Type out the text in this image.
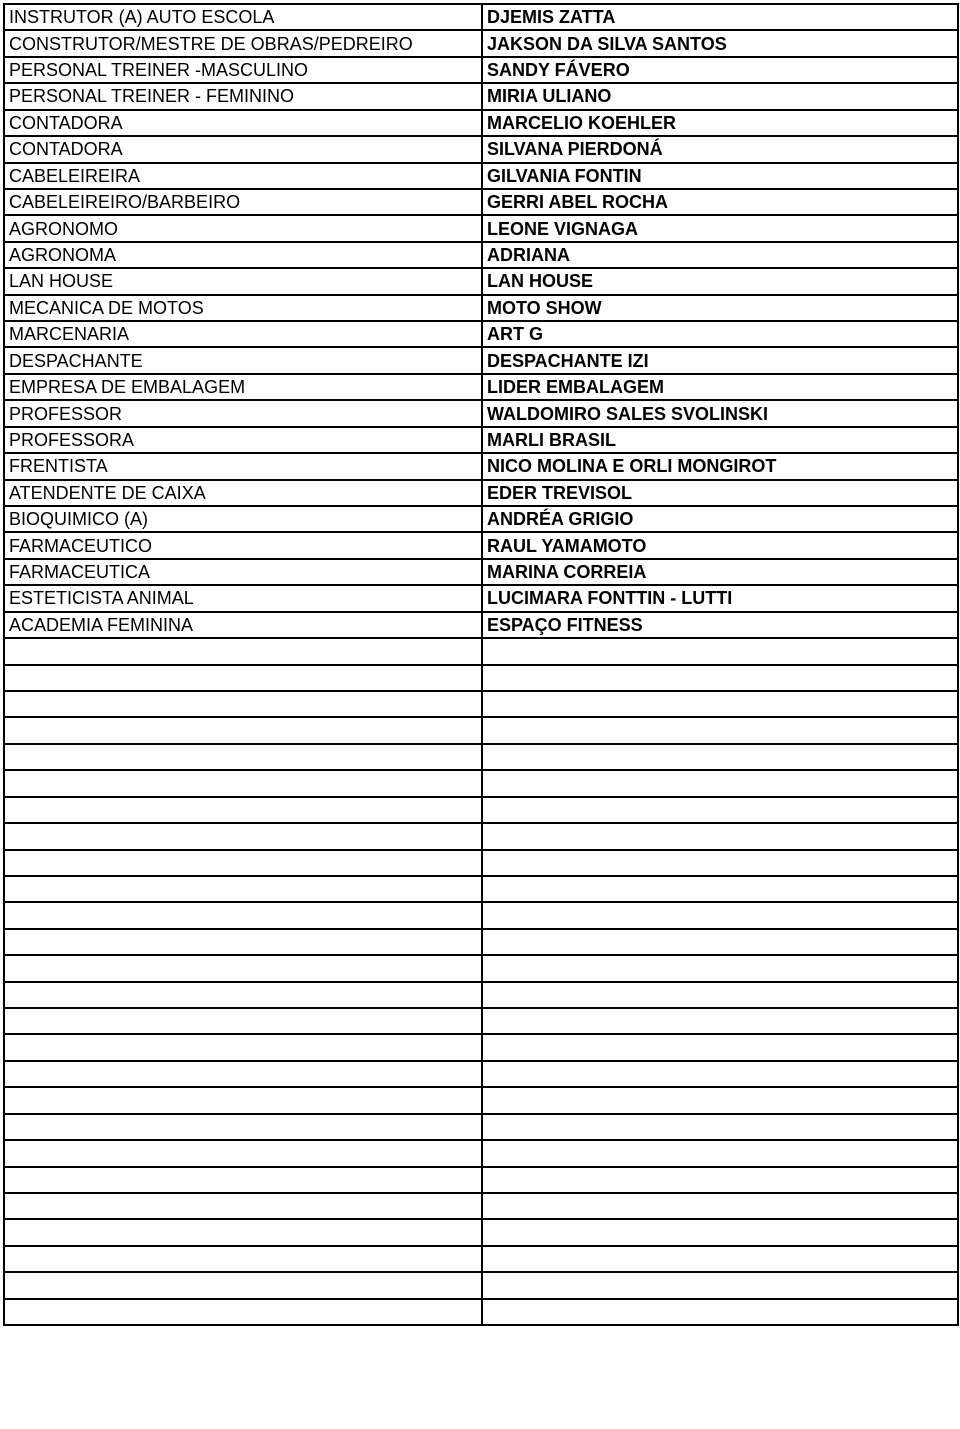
INSTRUTOR (A) AUTO ESCOLA	DJEMIS ZATTA
CONSTRUTOR/MESTRE DE OBRAS/PEDREIRO	JAKSON DA SILVA SANTOS
PERSONAL TREINER -MASCULINO	SANDY FÁVERO
PERSONAL TREINER - FEMININO	MIRIA ULIANO
CONTADORA	MARCELIO KOEHLER
CONTADORA	SILVANA PIERDONÁ
CABELEIREIRA	GILVANIA FONTIN
CABELEIREIRO/BARBEIRO	GERRI ABEL ROCHA
AGRONOMO	LEONE VIGNAGA
AGRONOMA	ADRIANA
LAN HOUSE	LAN HOUSE
MECANICA DE MOTOS	MOTO SHOW
MARCENARIA	ART G
DESPACHANTE	DESPACHANTE IZI
EMPRESA DE EMBALAGEM	LIDER EMBALAGEM
PROFESSOR	WALDOMIRO SALES SVOLINSKI
PROFESSORA	MARLI BRASIL
FRENTISTA	NICO MOLINA E ORLI MONGIROT
ATENDENTE DE CAIXA	EDER TREVISOL
BIOQUIMICO (A)	ANDRÉA GRIGIO
FARMACEUTICO	RAUL YAMAMOTO
FARMACEUTICA	MARINA CORREIA
ESTETICISTA ANIMAL	LUCIMARA FONTTIN - LUTTI
ACADEMIA FEMININA	ESPAÇO FITNESS
